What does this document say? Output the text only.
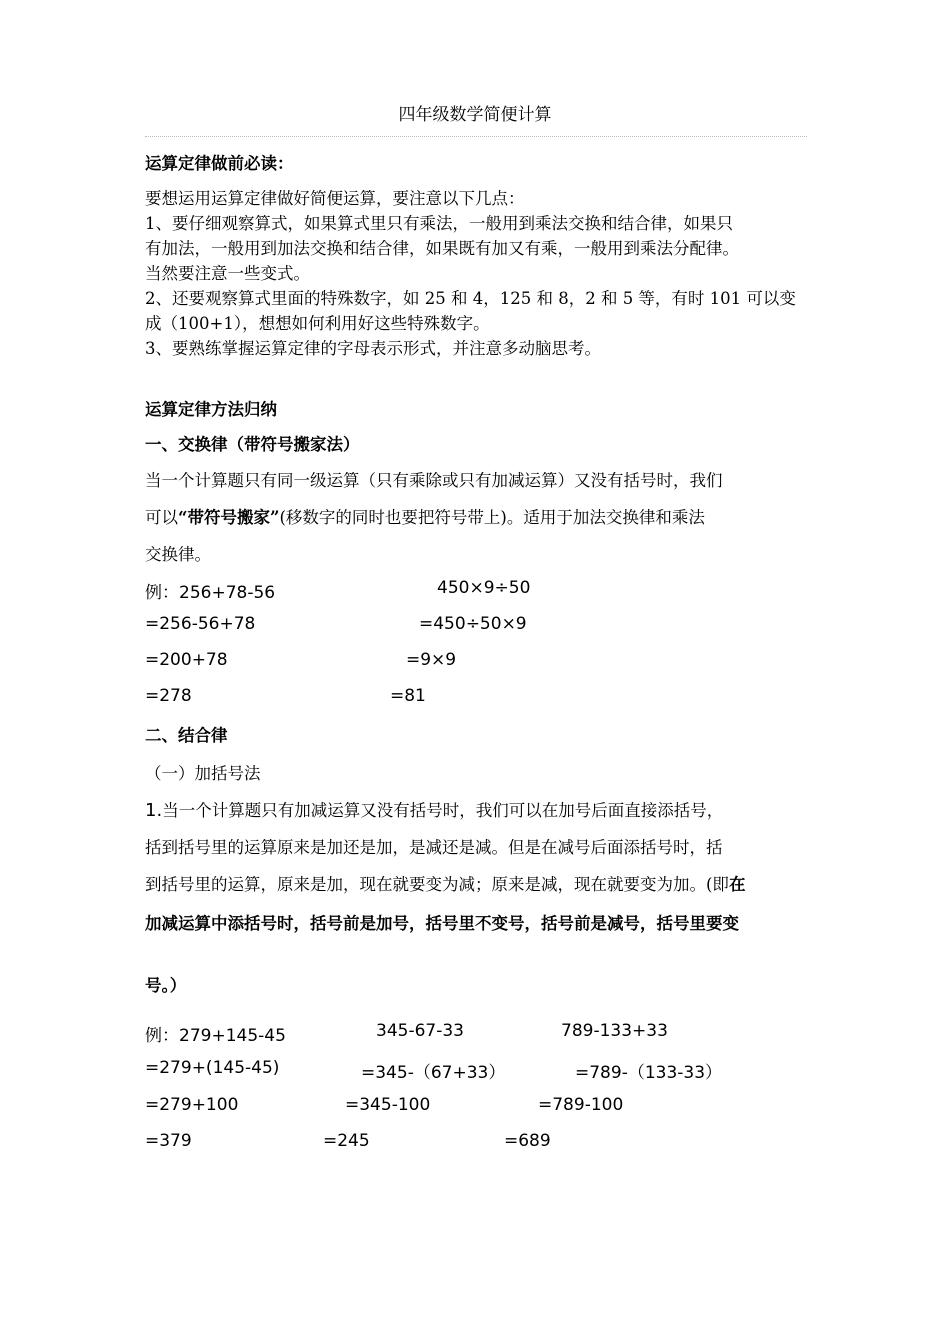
四年级数学简便计算
运算定律做前必读：
要想运用运算定律做好简便运算，要注意以下几点：
1、要仔细观察算式，如果算式里只有乘法，一般用到乘法交换和结合律，如果只
有加法，一般用到加法交换和结合律，如果既有加又有乘，一般用到乘法分配律。
当然要注意一些变式。
2、还要观察算式里面的特殊数字，如 25 和 4，125 和 8，2 和 5 等，有时 101 可以变
成（100+1），想想如何利用好这些特殊数字。
3、要熟练掌握运算定律的字母表示形式，并注意多动脑思考。
运算定律方法归纳
一、交换律（带符号搬家法）
当一个计算题只有同一级运算（只有乘除或只有加减运算）又没有括号时，我们
可以“带符号搬家”(移数字的同时也要把符号带上)。适用于加法交换律和乘法
交换律。
例：256+78-56
=256-56+78
=200+78
=278
450×9÷50
=450÷50×9
=9×9
=81
二、结合律
（一）加括号法
1.当一个计算题只有加减运算又没有括号时，我们可以在加号后面直接添括号，
括到括号里的运算原来是加还是加，是减还是减。但是在减号后面添括号时，括
到括号里的运算，原来是加，现在就要变为减；原来是减，现在就要变为加。(即在
加减运算中添括号时，括号前是加号，括号里不变号，括号前是减号，括号里要变
号。）
例：279+145-45
=279+(145-45)
=279+100
=379
345-67-33
=345-（67+33）
=345-100
=245
789-133+33
=789-（133-33）
=789-100
=689
